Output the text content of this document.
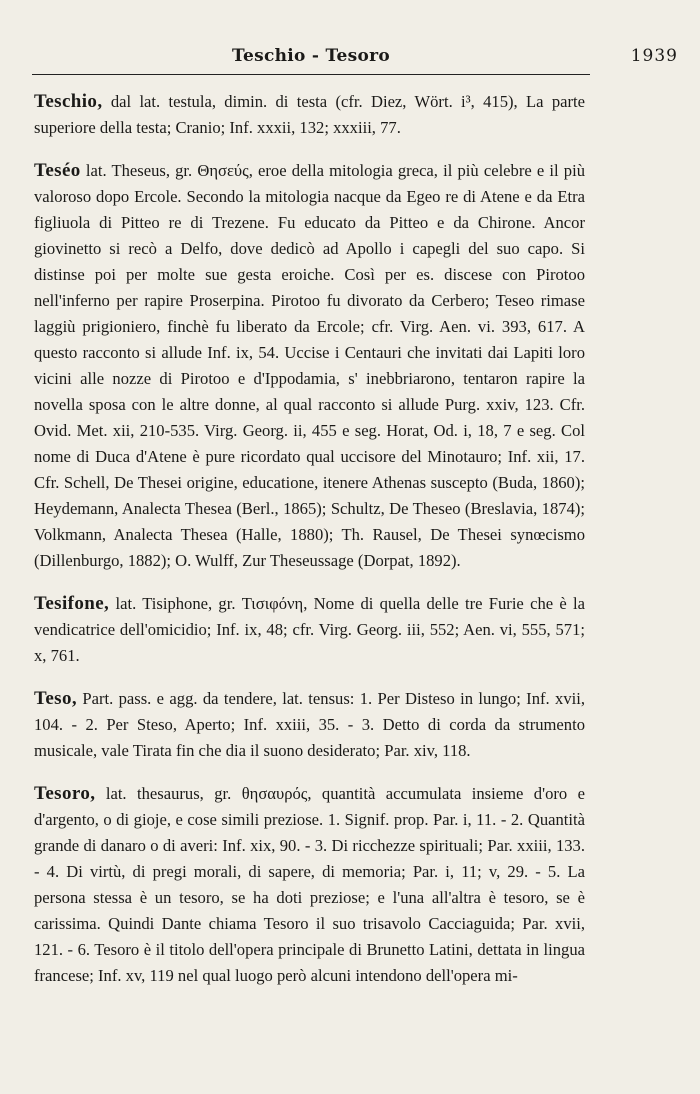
Teschio - Tesoro	1939

Teschio, dal lat. testula, dimin. di testa (cfr. Diez, Wört. i³, 415), La parte superiore della testa; Cranio; Inf. xxxii, 132; xxxiii, 77.

Teséo lat. Theseus, gr. Θησεύς, eroe della mitologia greca, il più celebre e il più valoroso dopo Ercole. Secondo la mitologia nacque da Egeo re di Atene e da Etra figliuola di Pitteo re di Trezene. Fu educato da Pitteo e da Chirone. Ancor giovinetto si recò a Delfo, dove dedicò ad Apollo i capegli del suo capo. Si distinse poi per molte sue gesta eroiche. Così per es. discese con Pirotoo nell'inferno per rapire Proserpina. Pirotoo fu divorato da Cerbero; Teseo rimase laggiù prigioniero, finchè fu liberato da Ercole; cfr. Virg. Aen. vi. 393, 617. A questo racconto si allude Inf. ix, 54. Uccise i Centauri che invitati dai Lapiti loro vicini alle nozze di Pirotoo e d'Ippodamia, s' inebbriarono, tentaron rapire la novella sposa con le altre donne, al qual racconto si allude Purg. xxiv, 123. Cfr. Ovid. Met. xii, 210-535. Virg. Georg. ii, 455 e seg. Horat, Od. i, 18, 7 e seg. Col nome di Duca d'Atene è pure ricordato qual uccisore del Minotauro; Inf. xii, 17. Cfr. Schell, De Thesei origine, educatione, itenere Athenas suscepto (Buda, 1860); Heydemann, Analecta Thesea (Berl., 1865); Schultz, De Theseo (Breslavia, 1874); Volkmann, Analecta Thesea (Halle, 1880); Th. Rausel, De Thesei synœcismo (Dillenburgo, 1882); O. Wulff, Zur Theseussage (Dorpat, 1892).

Tesifone, lat. Tisiphone, gr. Τισιφόνη, Nome di quella delle tre Furie che è la vendicatrice dell'omicidio; Inf. ix, 48; cfr. Virg. Georg. iii, 552; Aen. vi, 555, 571; x, 761.

Teso, Part. pass. e agg. da tendere, lat. tensus: 1. Per Disteso in lungo; Inf. xvii, 104. - 2. Per Steso, Aperto; Inf. xxiii, 35. - 3. Detto di corda da strumento musicale, vale Tirata fin che dia il suono desiderato; Par. xiv, 118.

Tesoro, lat. thesaurus, gr. θησαυρός, quantità accumulata insieme d'oro e d'argento, o di gioje, e cose simili preziose. 1. Signif. prop. Par. i, 11. - 2. Quantità grande di danaro o di averi: Inf. xix, 90. - 3. Di ricchezze spirituali; Par. xxiii, 133. - 4. Di virtù, di pregi morali, di sapere, di memoria; Par. i, 11; v, 29. - 5. La persona stessa è un tesoro, se ha doti preziose; e l'una all'altra è tesoro, se è carissima. Quindi Dante chiama Tesoro il suo trisavolo Cacciaguida; Par. xvii, 121. - 6. Tesoro è il titolo dell'opera principale di Brunetto Latini, dettata in lingua francese; Inf. xv, 119 nel qual luogo però alcuni intendono dell'opera mi-
